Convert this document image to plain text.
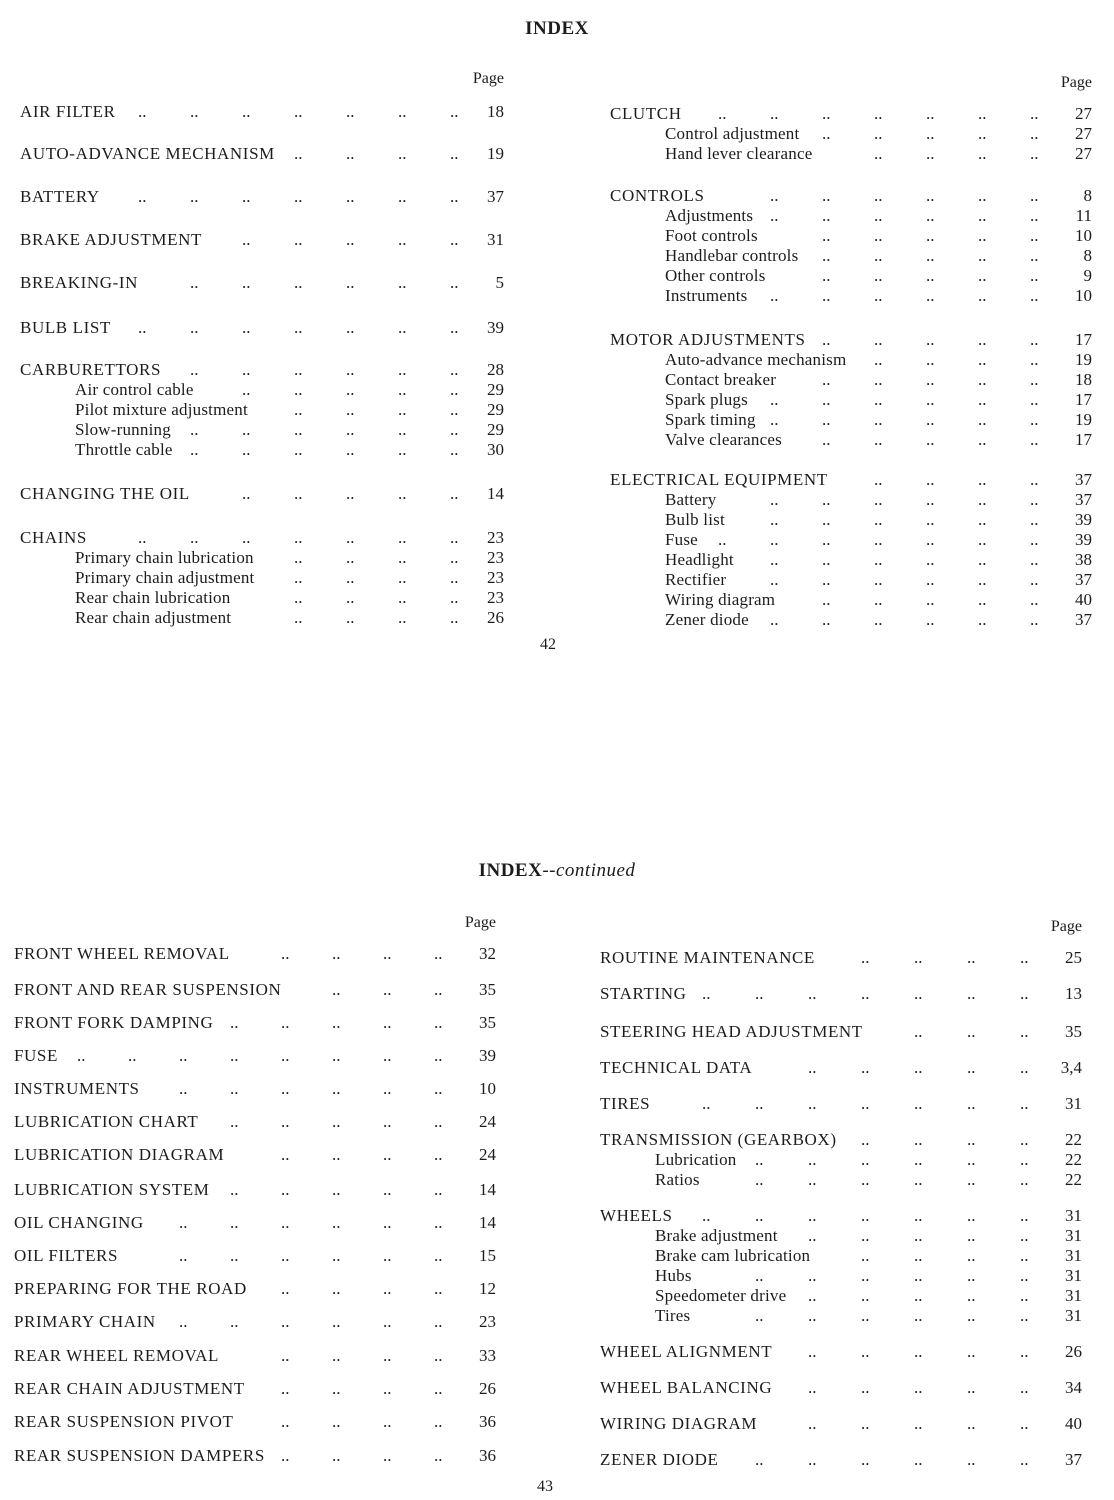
INDEX
Page
AIR FILTER	18
..
..
..
..
..
..
..
AUTO-ADVANCE MECHANISM	19
..
..
..
..
BATTERY	37
..
..
..
..
..
..
..
BRAKE ADJUSTMENT	31
..
..
..
..
..
BREAKING-IN	5
..
..
..
..
..
..
BULB LIST	39
..
..
..
..
..
..
..
CARBURETTORS	28
..
..
..
..
..
..
Air control cable	29
..
..
..
..
..
Pilot mixture adjustment	29
..
..
..
..
Slow-running	29
..
..
..
..
..
..
Throttle cable	30
..
..
..
..
..
..
CHANGING THE OIL	14
..
..
..
..
..
CHAINS	23
..
..
..
..
..
..
..
Primary chain lubrication	23
..
..
..
..
Primary chain adjustment	23
..
..
..
..
Rear chain lubrication	23
..
..
..
..
Rear chain adjustment	26
..
..
..
..
Page
CLUTCH	27
..
..
..
..
..
..
..
Control adjustment	27
..
..
..
..
..
Hand lever clearance	27
..
..
..
..
CONTROLS	8
..
..
..
..
..
..
Adjustments	11
..
..
..
..
..
..
Foot controls	10
..
..
..
..
..
Handlebar controls	8
..
..
..
..
..
Other controls	9
..
..
..
..
..
Instruments	10
..
..
..
..
..
..
MOTOR ADJUSTMENTS	17
..
..
..
..
..
Auto-advance mechanism	19
..
..
..
..
Contact breaker	18
..
..
..
..
..
Spark plugs	17
..
..
..
..
..
..
Spark timing	19
..
..
..
..
..
..
Valve clearances	17
..
..
..
..
..
ELECTRICAL EQUIPMENT	37
..
..
..
..
Battery	37
..
..
..
..
..
..
Bulb list	39
..
..
..
..
..
..
Fuse	39
..
..
..
..
..
..
..
Headlight	38
..
..
..
..
..
..
Rectifier	37
..
..
..
..
..
..
Wiring diagram	40
..
..
..
..
..
Zener diode	37
..
..
..
..
..
..
42
INDEX--continued
Page
FRONT WHEEL REMOVAL	32
..
..
..
..
FRONT AND REAR SUSPENSION	35
..
..
..
FRONT FORK DAMPING	35
..
..
..
..
..
FUSE	39
..
..
..
..
..
..
..
..
INSTRUMENTS	10
..
..
..
..
..
..
LUBRICATION CHART	24
..
..
..
..
..
LUBRICATION DIAGRAM	24
..
..
..
..
LUBRICATION SYSTEM	14
..
..
..
..
..
OIL CHANGING	14
..
..
..
..
..
..
OIL FILTERS	15
..
..
..
..
..
..
PREPARING FOR THE ROAD	12
..
..
..
..
PRIMARY CHAIN	23
..
..
..
..
..
..
REAR WHEEL REMOVAL	33
..
..
..
..
REAR CHAIN ADJUSTMENT	26
..
..
..
..
REAR SUSPENSION PIVOT	36
..
..
..
..
REAR SUSPENSION DAMPERS	36
..
..
..
..
Page
ROUTINE MAINTENANCE	25
..
..
..
..
STARTING	13
..
..
..
..
..
..
..
STEERING HEAD ADJUSTMENT	35
..
..
..
TECHNICAL DATA	3,4
..
..
..
..
..
TIRES	31
..
..
..
..
..
..
..
TRANSMISSION (GEARBOX)	22
..
..
..
..
Lubrication	22
..
..
..
..
..
..
Ratios	22
..
..
..
..
..
..
WHEELS	31
..
..
..
..
..
..
..
Brake adjustment	31
..
..
..
..
..
Brake cam lubrication	31
..
..
..
..
Hubs	31
..
..
..
..
..
..
Speedometer drive	31
..
..
..
..
..
Tires	31
..
..
..
..
..
..
WHEEL ALIGNMENT	26
..
..
..
..
..
WHEEL BALANCING	34
..
..
..
..
..
WIRING DIAGRAM	40
..
..
..
..
..
ZENER DIODE	37
..
..
..
..
..
..
43
